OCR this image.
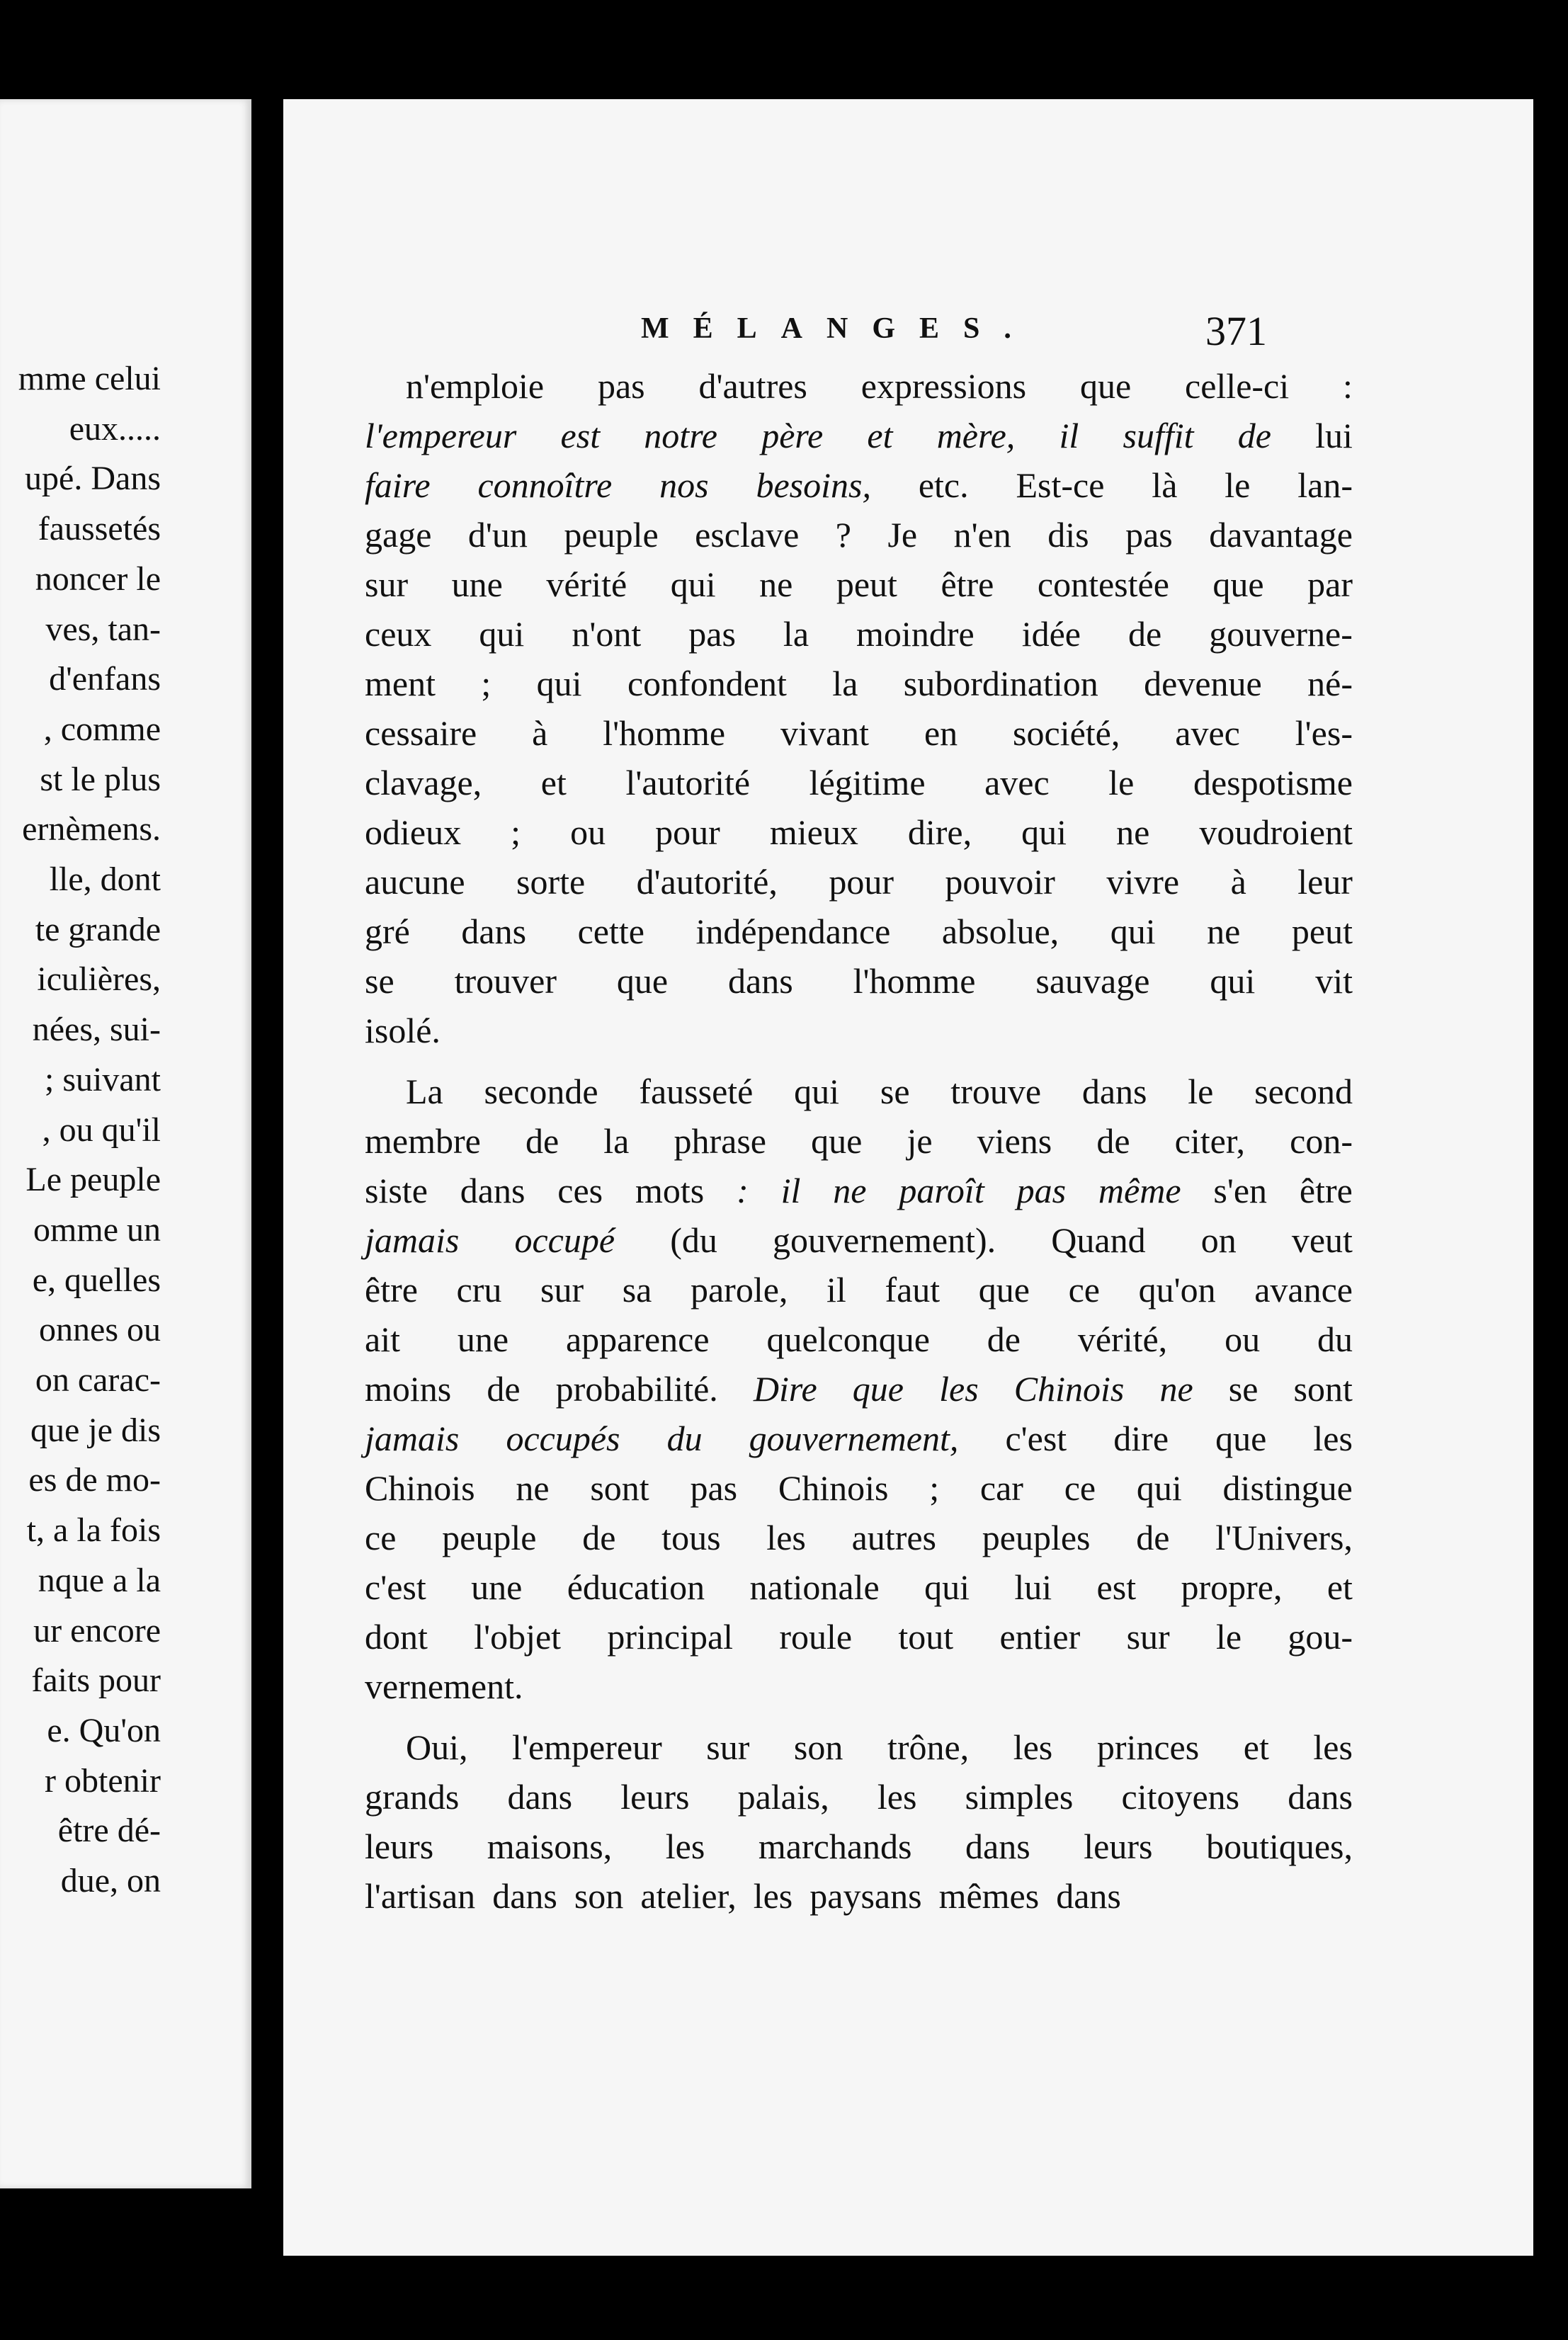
mme celui
eux.....
upé. Dans
faussetés
noncer le
ves, tan-
d'enfans
, comme
st le plus
ernèmens.
lle, dont
te grande
iculières,
nées, sui-
; suivant
, ou qu'il
Le peuple
omme un
e, quelles
onnes ou
on carac-
que je dis
es de mo-
t, a la fois
nque a la
ur encore
faits pour
e. Qu'on
r obtenir
être dé-
due, on
MÉLANGES.	371
n'emploie pas d'autres expressions que celle-ci :
l'empereur est notre père et mère, il suffit de lui
faire connoître nos besoins, etc. Est-ce là le lan-
gage d'un peuple esclave ? Je n'en dis pas davantage
sur une vérité qui ne peut être contestée que par
ceux qui n'ont pas la moindre idée de gouverne-
ment ; qui confondent la subordination devenue né-
cessaire à l'homme vivant en société, avec l'es-
clavage, et l'autorité légitime avec le despotisme
odieux ; ou pour mieux dire, qui ne voudroient
aucune sorte d'autorité, pour pouvoir vivre à leur
gré dans cette indépendance absolue, qui ne peut
se trouver que dans l'homme sauvage qui vit
isolé.
La seconde fausseté qui se trouve dans le second
membre de la phrase que je viens de citer, con-
siste dans ces mots : il ne paroît pas même s'en être
jamais occupé (du gouvernement). Quand on veut
être cru sur sa parole, il faut que ce qu'on avance
ait une apparence quelconque de vérité, ou du
moins de probabilité. Dire que les Chinois ne se sont
jamais occupés du gouvernement, c'est dire que les
Chinois ne sont pas Chinois ; car ce qui distingue
ce peuple de tous les autres peuples de l'Univers,
c'est une éducation nationale qui lui est propre, et
dont l'objet principal roule tout entier sur le gou-
vernement.
Oui, l'empereur sur son trône, les princes et les
grands dans leurs palais, les simples citoyens dans
leurs maisons, les marchands dans leurs boutiques,
l'artisan dans son atelier, les paysans mêmes dans
